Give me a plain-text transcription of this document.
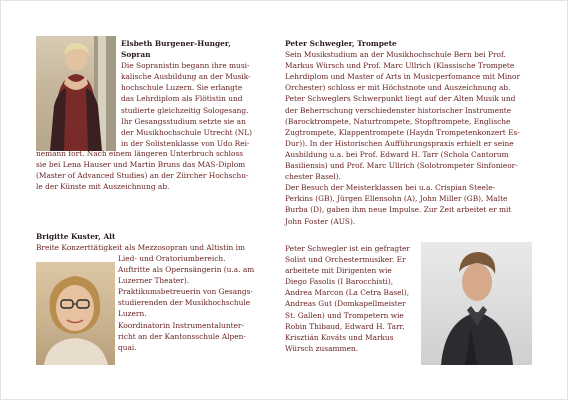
Elsbeth Burgener-Hunger,
Sopran
Die Sopranistin begann ihre musi-
kalische Ausbildung an der Musik-
hochschule Luzern. Sie erlangte
das Lehrdiplom als Flötistin und
studierte gleichzeitig Sologesang.
Ihr Gesangsstudium setzte sie an
der Musikhochschule Utrecht (NL)
in der Solistenklasse von Udo Rei-
nemann fort. Nach einem längeren Unterbruch schloss
sie bei Lena Hauser und Martin Bruns das MAS-Diplom
(Master of Advanced Studies) an der Zürcher Hochschu-
le der Künste mit Auszeichnung ab.
Brigitte Kuster, Alt
Breite Konzerttätigkeit als Mezzosopran und Altistin im
Lied- und Oratoriumbereich.
Auftritte als Opernsängerin (u.a. am
Luzerner Theater).
Praktikumsbetreuerin von Gesangs-
studierenden der Musikhochschule
Luzern.
Koordinatorin Instrumentalunter-
richt an der Kantonsschule Alpen-
quai.
Peter Schwegler, Trompete
Sein Musikstudium an der Musikhochschule Bern bei Prof.
Markus Würsch und Prof. Marc Ullrich (Klassische Trompete
Lehrdiplom und Master of Arts in Musicperfomance mit Minor
Orchester) schloss er mit Höchstnote und Auszeichnung ab.
Peter Schweglers Schwerpunkt liegt auf der Alten Musik und
der Beherrschung verschiedenster historischer Instrumente
(Barocktrompete, Naturtrompete, Stopftrompete, Englische
Zugtrompete, Klappentrompete (Haydn Trompetenkonzert Es-
Dur)). In der Historischen Aufführungspraxis erhielt er seine
Ausbildung u.a. bei Prof. Edward H. Tarr (Schola Cantorum
Basiliensis) und Prof. Marc Ullrich (Solotrompeter Sinfonieor-
chester Basel).
Der Besuch der Meisterklassen bei u.a. Crispian Steele-
Perkins (GB), Jürgen Ellensohn (A), John Miller (GB), Malte
Burba (D), gaben ihm neue Impulse. Zur Zeit arbeitet er mit
John Foster (AUS).
Peter Schwegler ist ein gefragter
Solist und Orchestermusiker. Er
arbeitete mit Dirigenten wie
Diego Fasolis (I Barocchisti),
Andrea Marcon (La Cetra Basel),
Andreas Gut (Domkapellmeister
St. Gallen) und Trompetern wie
Robin Thibaud, Edward H. Tarr,
Krisztián Kováts und Markus
Würsch zusammen.
